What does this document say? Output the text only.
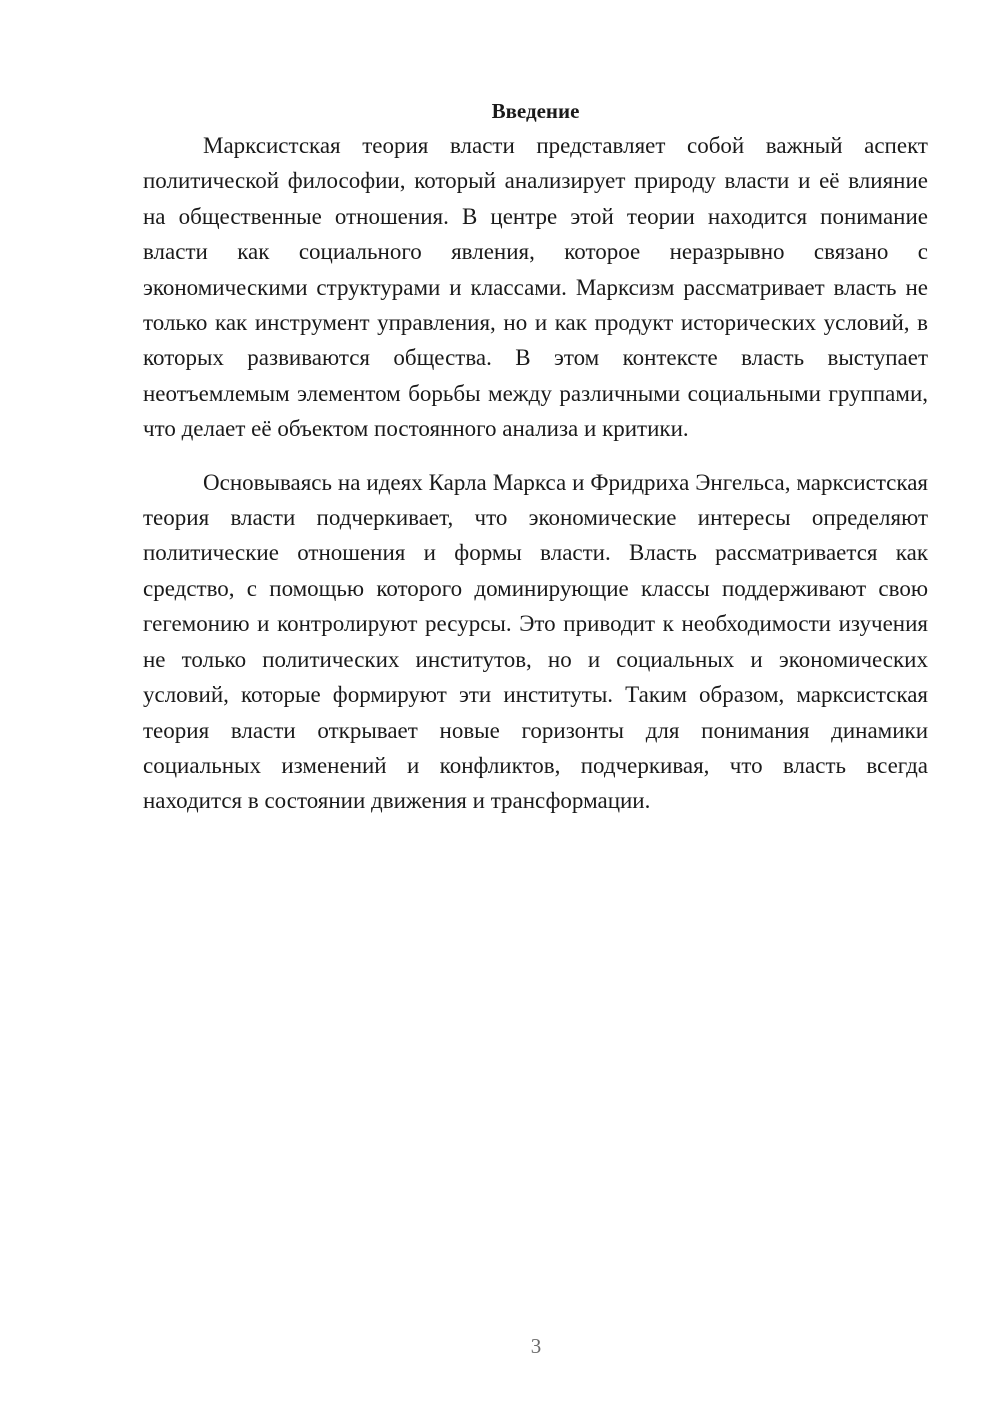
Введение

Марксистская теория власти представляет собой важный аспект политической философии, который анализирует природу власти и её влияние на общественные отношения. В центре этой теории находится понимание власти как социального явления, которое неразрывно связано с экономическими структурами и классами. Марксизм рассматривает власть не только как инструмент управления, но и как продукт исторических условий, в которых развиваются общества. В этом контексте власть выступает неотъемлемым элементом борьбы между различными социальными группами, что делает её объектом постоянного анализа и критики.

Основываясь на идеях Карла Маркса и Фридриха Энгельса, марксистская теория власти подчеркивает, что экономические интересы определяют политические отношения и формы власти. Власть рассматривается как средство, с помощью которого доминирующие классы поддерживают свою гегемонию и контролируют ресурсы. Это приводит к необходимости изучения не только политических институтов, но и социальных и экономических условий, которые формируют эти институты. Таким образом, марксистская теория власти открывает новые горизонты для понимания динамики социальных изменений и конфликтов, подчеркивая, что власть всегда находится в состоянии движения и трансформации.

3
